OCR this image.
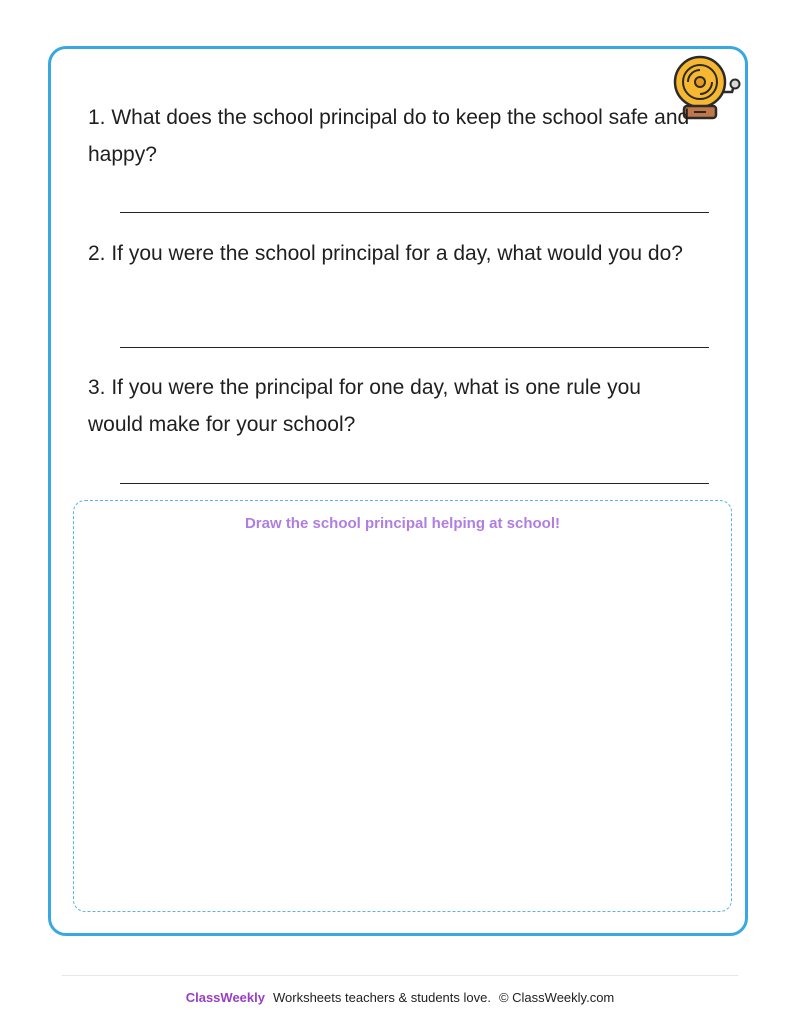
1. What does the school principal do to keep the school safe and happy?

2. If you were the school principal for a day, what would you do?

3. If you were the principal for one day, what is one rule you would make for your school?

Draw the school principal helping at school!
ClassWeekly Worksheets teachers & students love. © ClassWeekly.com
